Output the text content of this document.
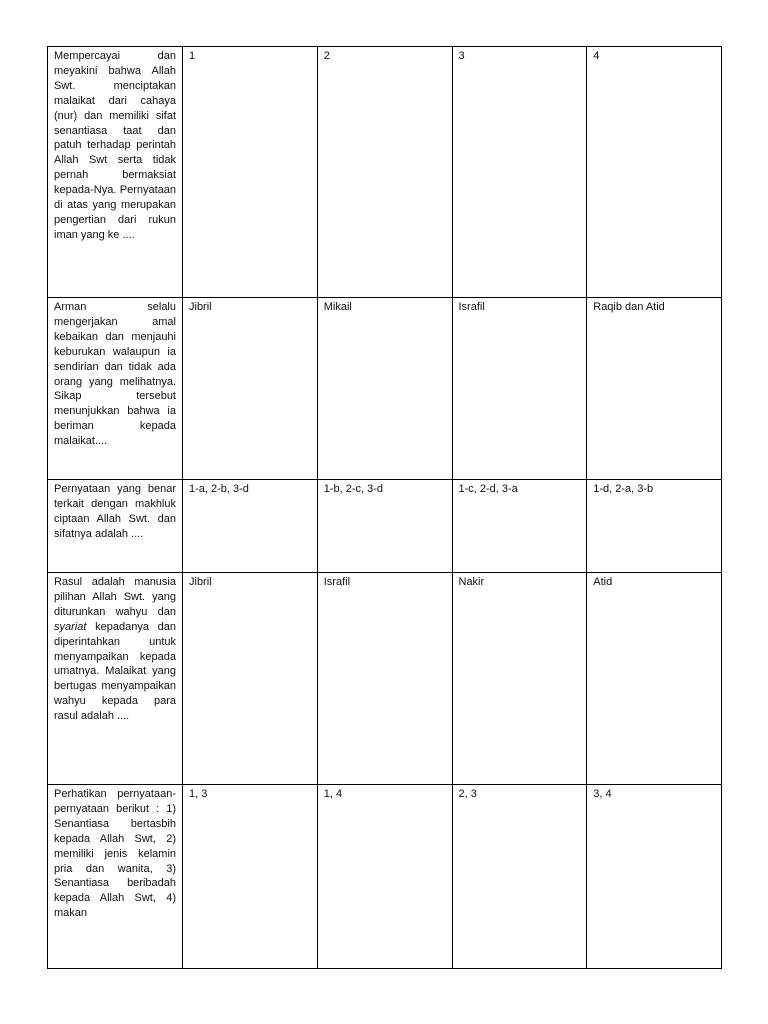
Mempercayai dan meyakini bahwa Allah Swt. menciptakan malaikat dari cahaya (nur) dan memiliki sifat senantiasa taat dan patuh terhadap perintah Allah Swt serta tidak pernah bermaksiat kepada-Nya. Pernyataan di atas yang merupakan pengertian dari rukun iman yang ke ....	1	2	3	4

Arman selalu mengerjakan amal kebaikan dan menjauhi keburukan walaupun ia sendirian dan tidak ada orang yang melihatnya. Sikap tersebut menunjukkan bahwa ia beriman kepada malaikat....	Jibril	Mikail	Israfil	Raqib dan Atid

Pernyataan yang benar terkait dengan makhluk ciptaan Allah Swt. dan sifatnya adalah ....	1-a, 2-b, 3-d	1-b, 2-c, 3-d	1-c, 2-d, 3-a	1-d, 2-a, 3-b

Rasul adalah manusia pilihan Allah Swt. yang diturunkan wahyu dan syariat kepadanya dan diperintahkan untuk menyampaikan kepada umatnya. Malaikat yang bertugas menyampaikan wahyu kepada para rasul adalah ....	Jibril	Israfil	Nakir	Atid

Perhatikan pernyataan-pernyataan berikut : 1) Senantiasa bertasbih kepada Allah Swt, 2) memiliki jenis kelamin pria dan wanita, 3) Senantiasa beribadah kepada Allah Swt, 4) makan	1, 3	1, 4	2, 3	3, 4
